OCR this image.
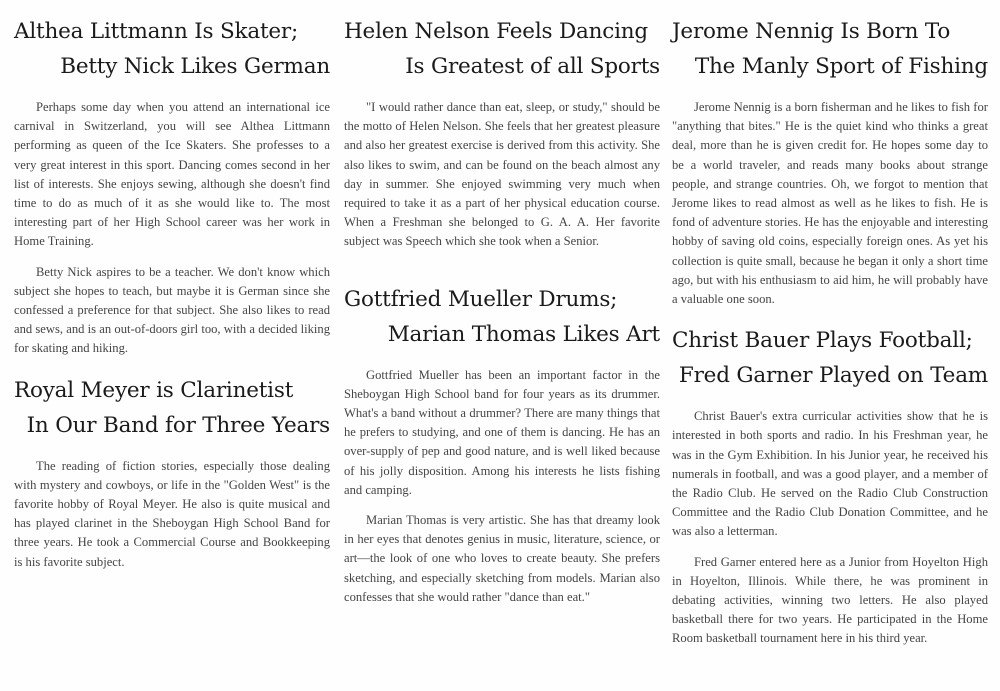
Althea Littmann Is Skater;
Betty Nick Likes German

Perhaps some day when you attend an international ice carnival in Switzerland, you will see Althea Littmann performing as queen of the Ice Skaters. She professes to a very great interest in this sport. Dancing comes second in her list of interests. She enjoys sewing, although she doesn't find time to do as much of it as she would like to. The most interesting part of her High School career was her work in Home Training.

Betty Nick aspires to be a teacher. We don't know which subject she hopes to teach, but maybe it is German since she confessed a preference for that subject. She also likes to read and sews, and is an out-of-doors girl too, with a decided liking for skating and hiking.

Royal Meyer is Clarinetist
In Our Band for Three Years

The reading of fiction stories, especially those dealing with mystery and cowboys, or life in the "Golden West" is the favorite hobby of Royal Meyer. He also is quite musical and has played clarinet in the Sheboygan High School Band for three years. He took a Commercial Course and Bookkeeping is his favorite subject.

Helen Nelson Feels Dancing
Is Greatest of all Sports

"I would rather dance than eat, sleep, or study," should be the motto of Helen Nelson. She feels that her greatest pleasure and also her greatest exercise is derived from this activity. She also likes to swim, and can be found on the beach almost any day in summer. She enjoyed swimming very much when required to take it as a part of her physical education course. When a Freshman she belonged to G. A. A. Her favorite subject was Speech which she took when a Senior.

Gottfried Mueller Drums;
Marian Thomas Likes Art

Gottfried Mueller has been an important factor in the Sheboygan High School band for four years as its drummer. What's a band without a drummer? There are many things that he prefers to studying, and one of them is dancing. He has an over-supply of pep and good nature, and is well liked because of his jolly disposition. Among his interests he lists fishing and camping.

Marian Thomas is very artistic. She has that dreamy look in her eyes that denotes genius in music, literature, science, or art—the look of one who loves to create beauty. She prefers sketching, and especially sketching from models. Marian also confesses that she would rather "dance than eat."

Jerome Nennig Is Born To
The Manly Sport of Fishing

Jerome Nennig is a born fisherman and he likes to fish for "anything that bites." He is the quiet kind who thinks a great deal, more than he is given credit for. He hopes some day to be a world traveler, and reads many books about strange people, and strange countries. Oh, we forgot to mention that Jerome likes to read almost as well as he likes to fish. He is fond of adventure stories. He has the enjoyable and interesting hobby of saving old coins, especially foreign ones. As yet his collection is quite small, because he began it only a short time ago, but with his enthusiasm to aid him, he will probably have a valuable one soon.

Christ Bauer Plays Football;
Fred Garner Played on Team

Christ Bauer's extra curricular activities show that he is interested in both sports and radio. In his Freshman year, he was in the Gym Exhibition. In his Junior year, he received his numerals in football, and was a good player, and a member of the Radio Club. He served on the Radio Club Construction Committee and the Radio Club Donation Committee, and he was also a letterman.

Fred Garner entered here as a Junior from Hoyelton High in Hoyelton, Illinois. While there, he was prominent in debating activities, winning two letters. He also played basketball there for two years. He participated in the Home Room basketball tournament here in his third year.
